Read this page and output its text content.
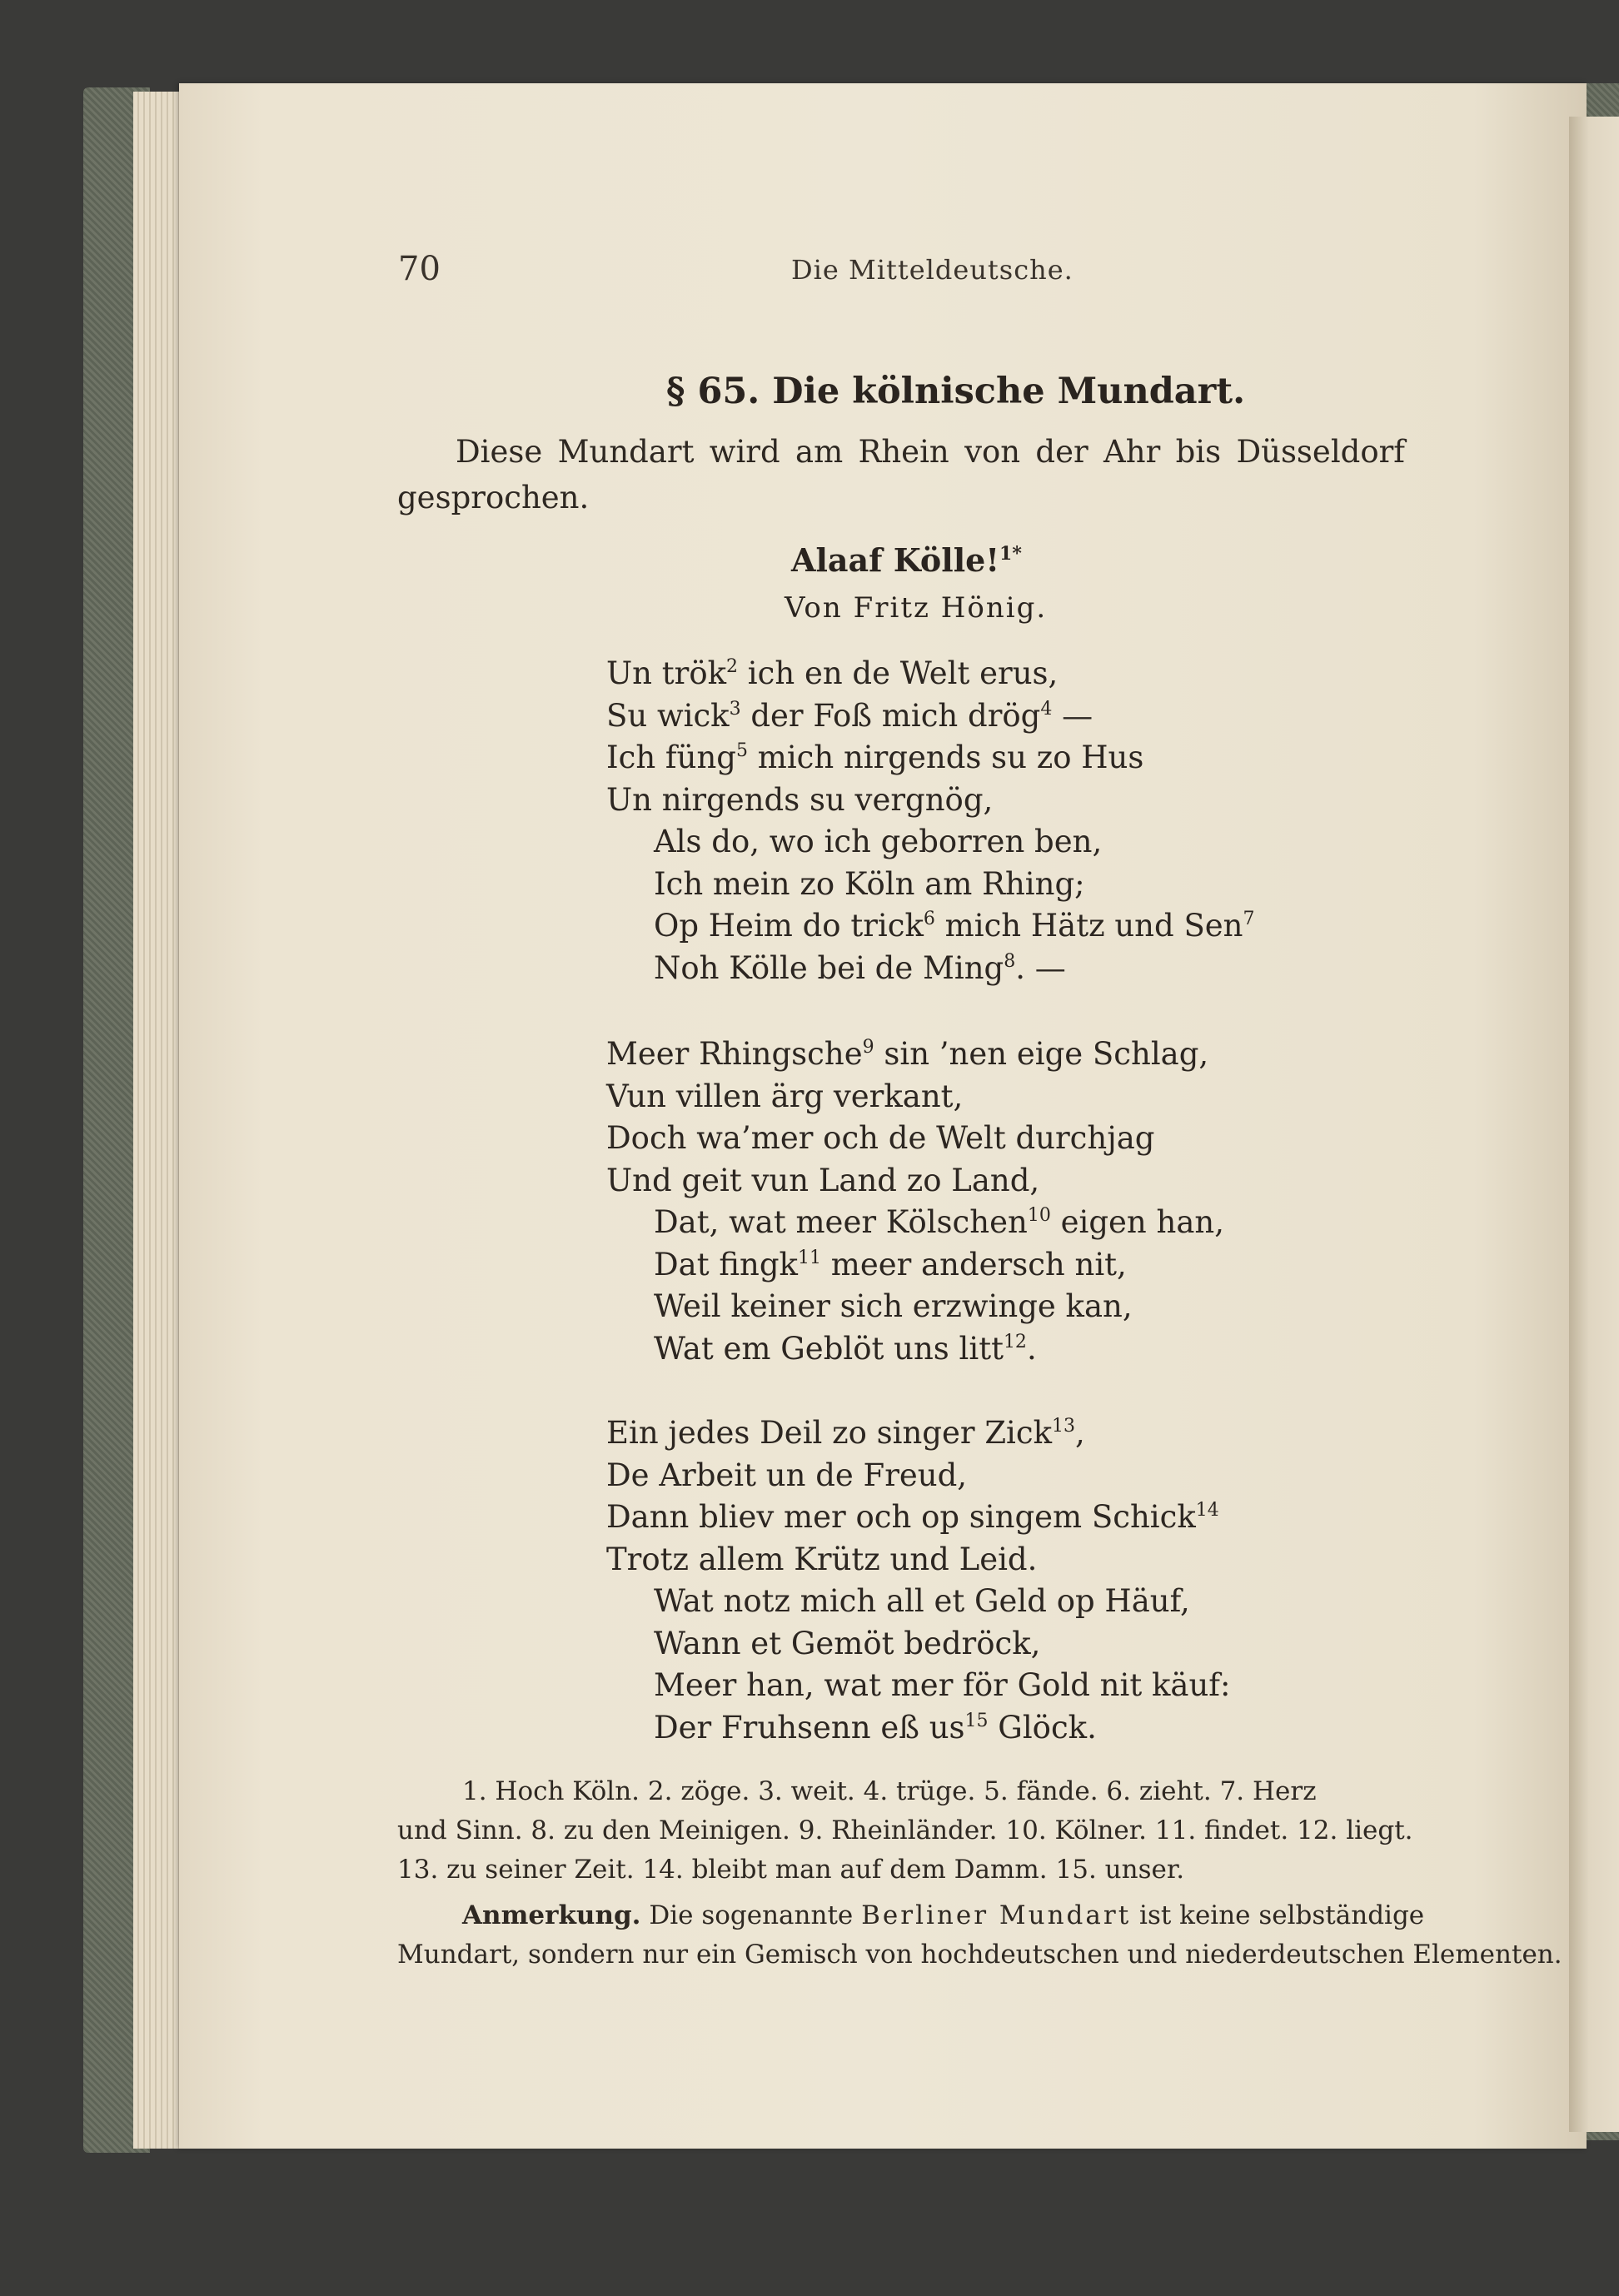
70	Die Mitteldeutsche.
§ 65. Die kölnische Mundart.
Diese Mundart wird am Rhein von der Ahr bis Düsseldorf gesprochen.
Alaaf Kölle!$^{1*}$
Von Fritz Hönig.
Un trök$^2$ ich en de Welt erus,
Su wick$^3$ der Foß mich drög$^4$ —
Ich füng$^5$ mich nirgends su zo Hus
Un nirgends su vergnög,
Als do, wo ich geborren ben,
Ich mein zo Köln am Rhing;
Op Heim do trick$^6$ mich Hätz und Sen$^7$
Noh Kölle bei de Ming$^8$. —
Meer Rhingsche$^9$ sin ’nen eige Schlag,
Vun villen ärg verkant,
Doch wa’mer och de Welt durchjag
Und geit vun Land zo Land,
Dat, wat meer Kölschen$^{10}$ eigen han,
Dat fingk$^{11}$ meer andersch nit,
Weil keiner sich erzwinge kan,
Wat em Geblöt uns litt$^{12}$.
Ein jedes Deil zo singer Zick$^{13}$,
De Arbeit un de Freud,
Dann bliev mer och op singem Schick$^{14}$
Trotz allem Krütz und Leid.
Wat notz mich all et Geld op Häuf,
Wann et Gemöt bedröck,
Meer han, wat mer för Gold nit käuf:
Der Fruhsenn eß $us^{15}$ Glöck.
1. Hoch Köln. 2. zöge. 3. weit. 4. trüge. 5. fände. 6. zieht. 7. Herz
und Sinn. 8. zu den Meinigen. 9. Rheinländer. 10. Kölner. 11. findet. 12. liegt.
13. zu seiner Zeit. 14. bleibt man auf dem Damm. 15. unser.
Anmerkung. Die sogenannte Berliner Mundart ist keine selbständige
Mundart, sondern nur ein Gemisch von hochdeutschen und niederdeutschen Elementen.
